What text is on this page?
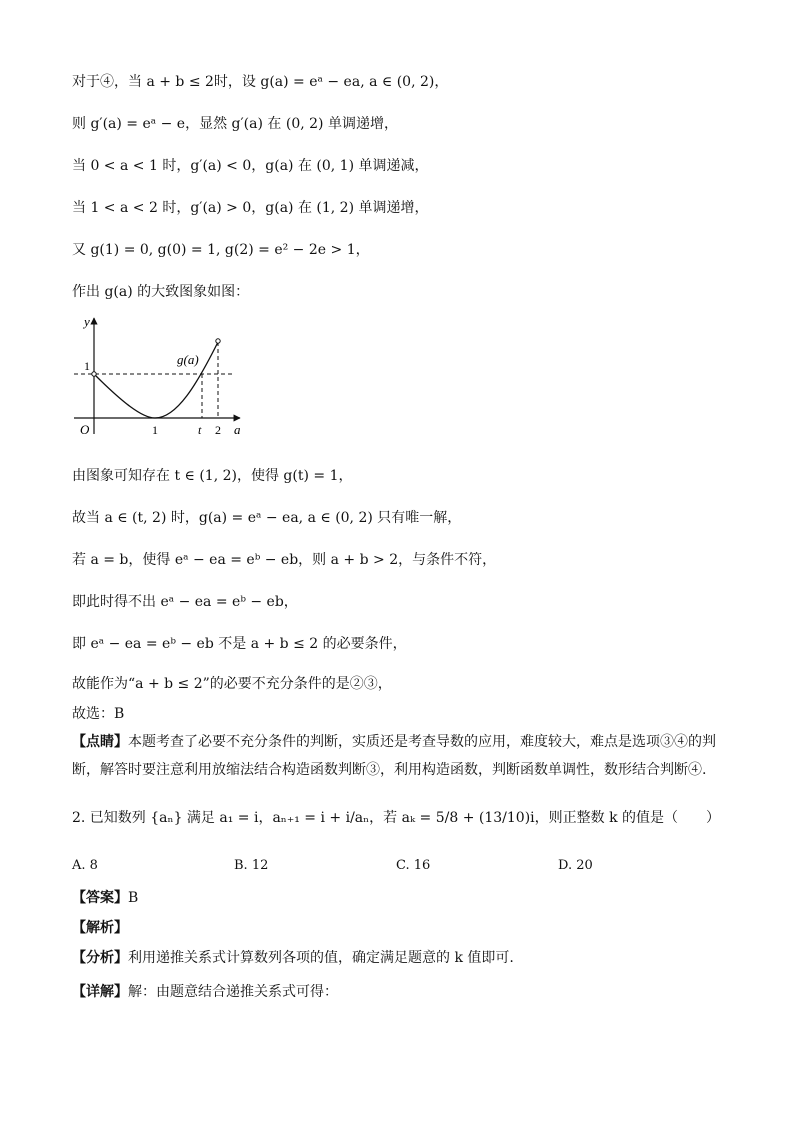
对于④，当 a + b ≤ 2时，设 g(a) = eᵃ − ea, a ∈ (0, 2)，
则 g′(a) = eᵃ − e，显然 g′(a) 在 (0, 2) 单调递增，
当 0 < a < 1 时，g′(a) < 0，g(a) 在 (0, 1) 单调递减，
当 1 < a < 2 时，g′(a) > 0，g(a) 在 (1, 2) 单调递增，
又 g(1) = 0, g(0) = 1, g(2) = e² − 2e > 1，
作出 g(a) 的大致图象如图：
y
a
O
1
1	t 2
g(a)
由图象可知存在 t ∈ (1, 2)，使得 g(t) = 1，
故当 a ∈ (t, 2) 时，g(a) = eᵃ − ea, a ∈ (0, 2) 只有唯一解，
若 a = b，使得 eᵃ − ea = eᵇ − eb，则 a + b > 2，与条件不符，
即此时得不出 eᵃ − ea = eᵇ − eb，
即 eᵃ − ea = eᵇ − eb 不是 a + b ≤ 2 的必要条件，
故能作为“a + b ≤ 2”的必要不充分条件的是②③，
故选：B
【点睛】本题考查了必要不充分条件的判断，实质还是考查导数的应用，难度较大，难点是选项③④的判断，解答时要注意利用放缩法结合构造函数判断③，利用构造函数，判断函数单调性，数形结合判断④.
2. 已知数列 {aₙ} 满足 a₁ = i，aₙ₊₁ = i + i/aₙ，若 aₖ = 5/8 + (13/10)i，则正整数 k 的值是（　　）
A. 8	B. 12	C. 16	D. 20
【答案】B
【解析】
【分析】利用递推关系式计算数列各项的值，确定满足题意的 k 值即可.
【详解】解：由题意结合递推关系式可得：
